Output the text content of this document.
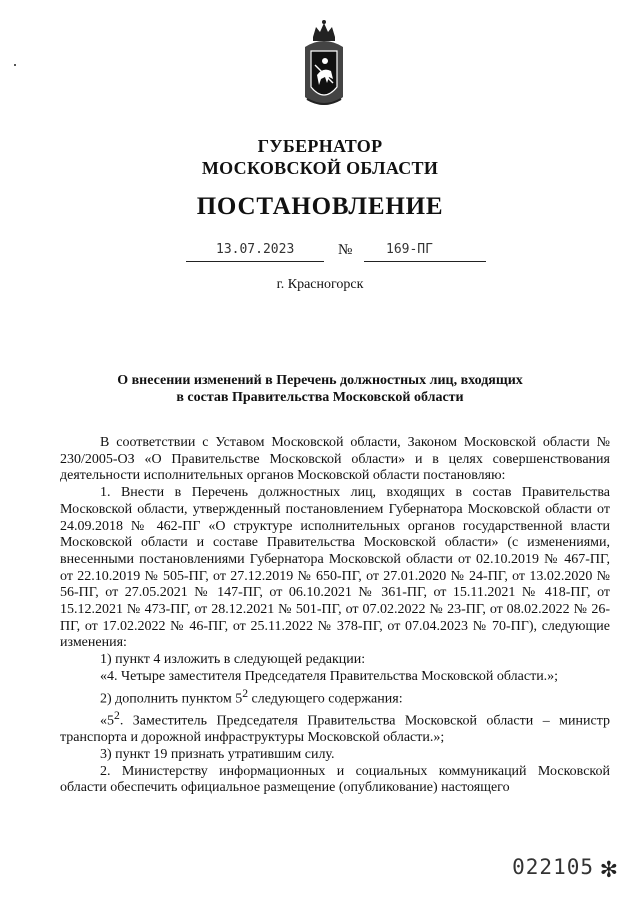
ГУБЕРНАТОР
МОСКОВСКОЙ ОБЛАСТИ
ПОСТАНОВЛЕНИЕ
13.07.2023	№	169-ПГ
г. Красногорск
О внесении изменений в Перечень должностных лиц, входящих
в состав Правительства Московской области

В соответствии с Уставом Московской области, Законом Московской области № 230/2005-ОЗ «О Правительстве Московской области» и в целях совершенствования деятельности исполнительных органов Московской области постановляю:

1. Внести в Перечень должностных лиц, входящих в состав Правительства Московской области, утвержденный постановлением Губернатора Московской области от 24.09.2018 № 462-ПГ «О структуре исполнительных органов государственной власти Московской области и составе Правительства Московской области» (с изменениями, внесенными постановлениями Губернатора Московской области от 02.10.2019 № 467-ПГ, от 22.10.2019 № 505-ПГ, от 27.12.2019 № 650-ПГ, от 27.01.2020 № 24-ПГ, от 13.02.2020 № 56-ПГ, от 27.05.2021 № 147-ПГ, от 06.10.2021 № 361-ПГ, от 15.11.2021 № 418-ПГ, от 15.12.2021 № 473-ПГ, от 28.12.2021 № 501-ПГ, от 07.02.2022 № 23-ПГ, от 08.02.2022 № 26-ПГ, от 17.02.2022 № 46-ПГ, от 25.11.2022 № 378-ПГ, от 07.04.2023 № 70-ПГ), следующие изменения:

1) пункт 4 изложить в следующей редакции:

«4. Четыре заместителя Председателя Правительства Московской области.»;

2) дополнить пунктом $5^2$ следующего содержания:

«$5^2$. Заместитель Председателя Правительства Московской области – министр транспорта и дорожной инфраструктуры Московской области.»;

3) пункт 19 признать утратившим силу.

2. Министерству информационных и социальных коммуникаций Московской области обеспечить официальное размещение (опубликование) настоящего

022105 ✻
